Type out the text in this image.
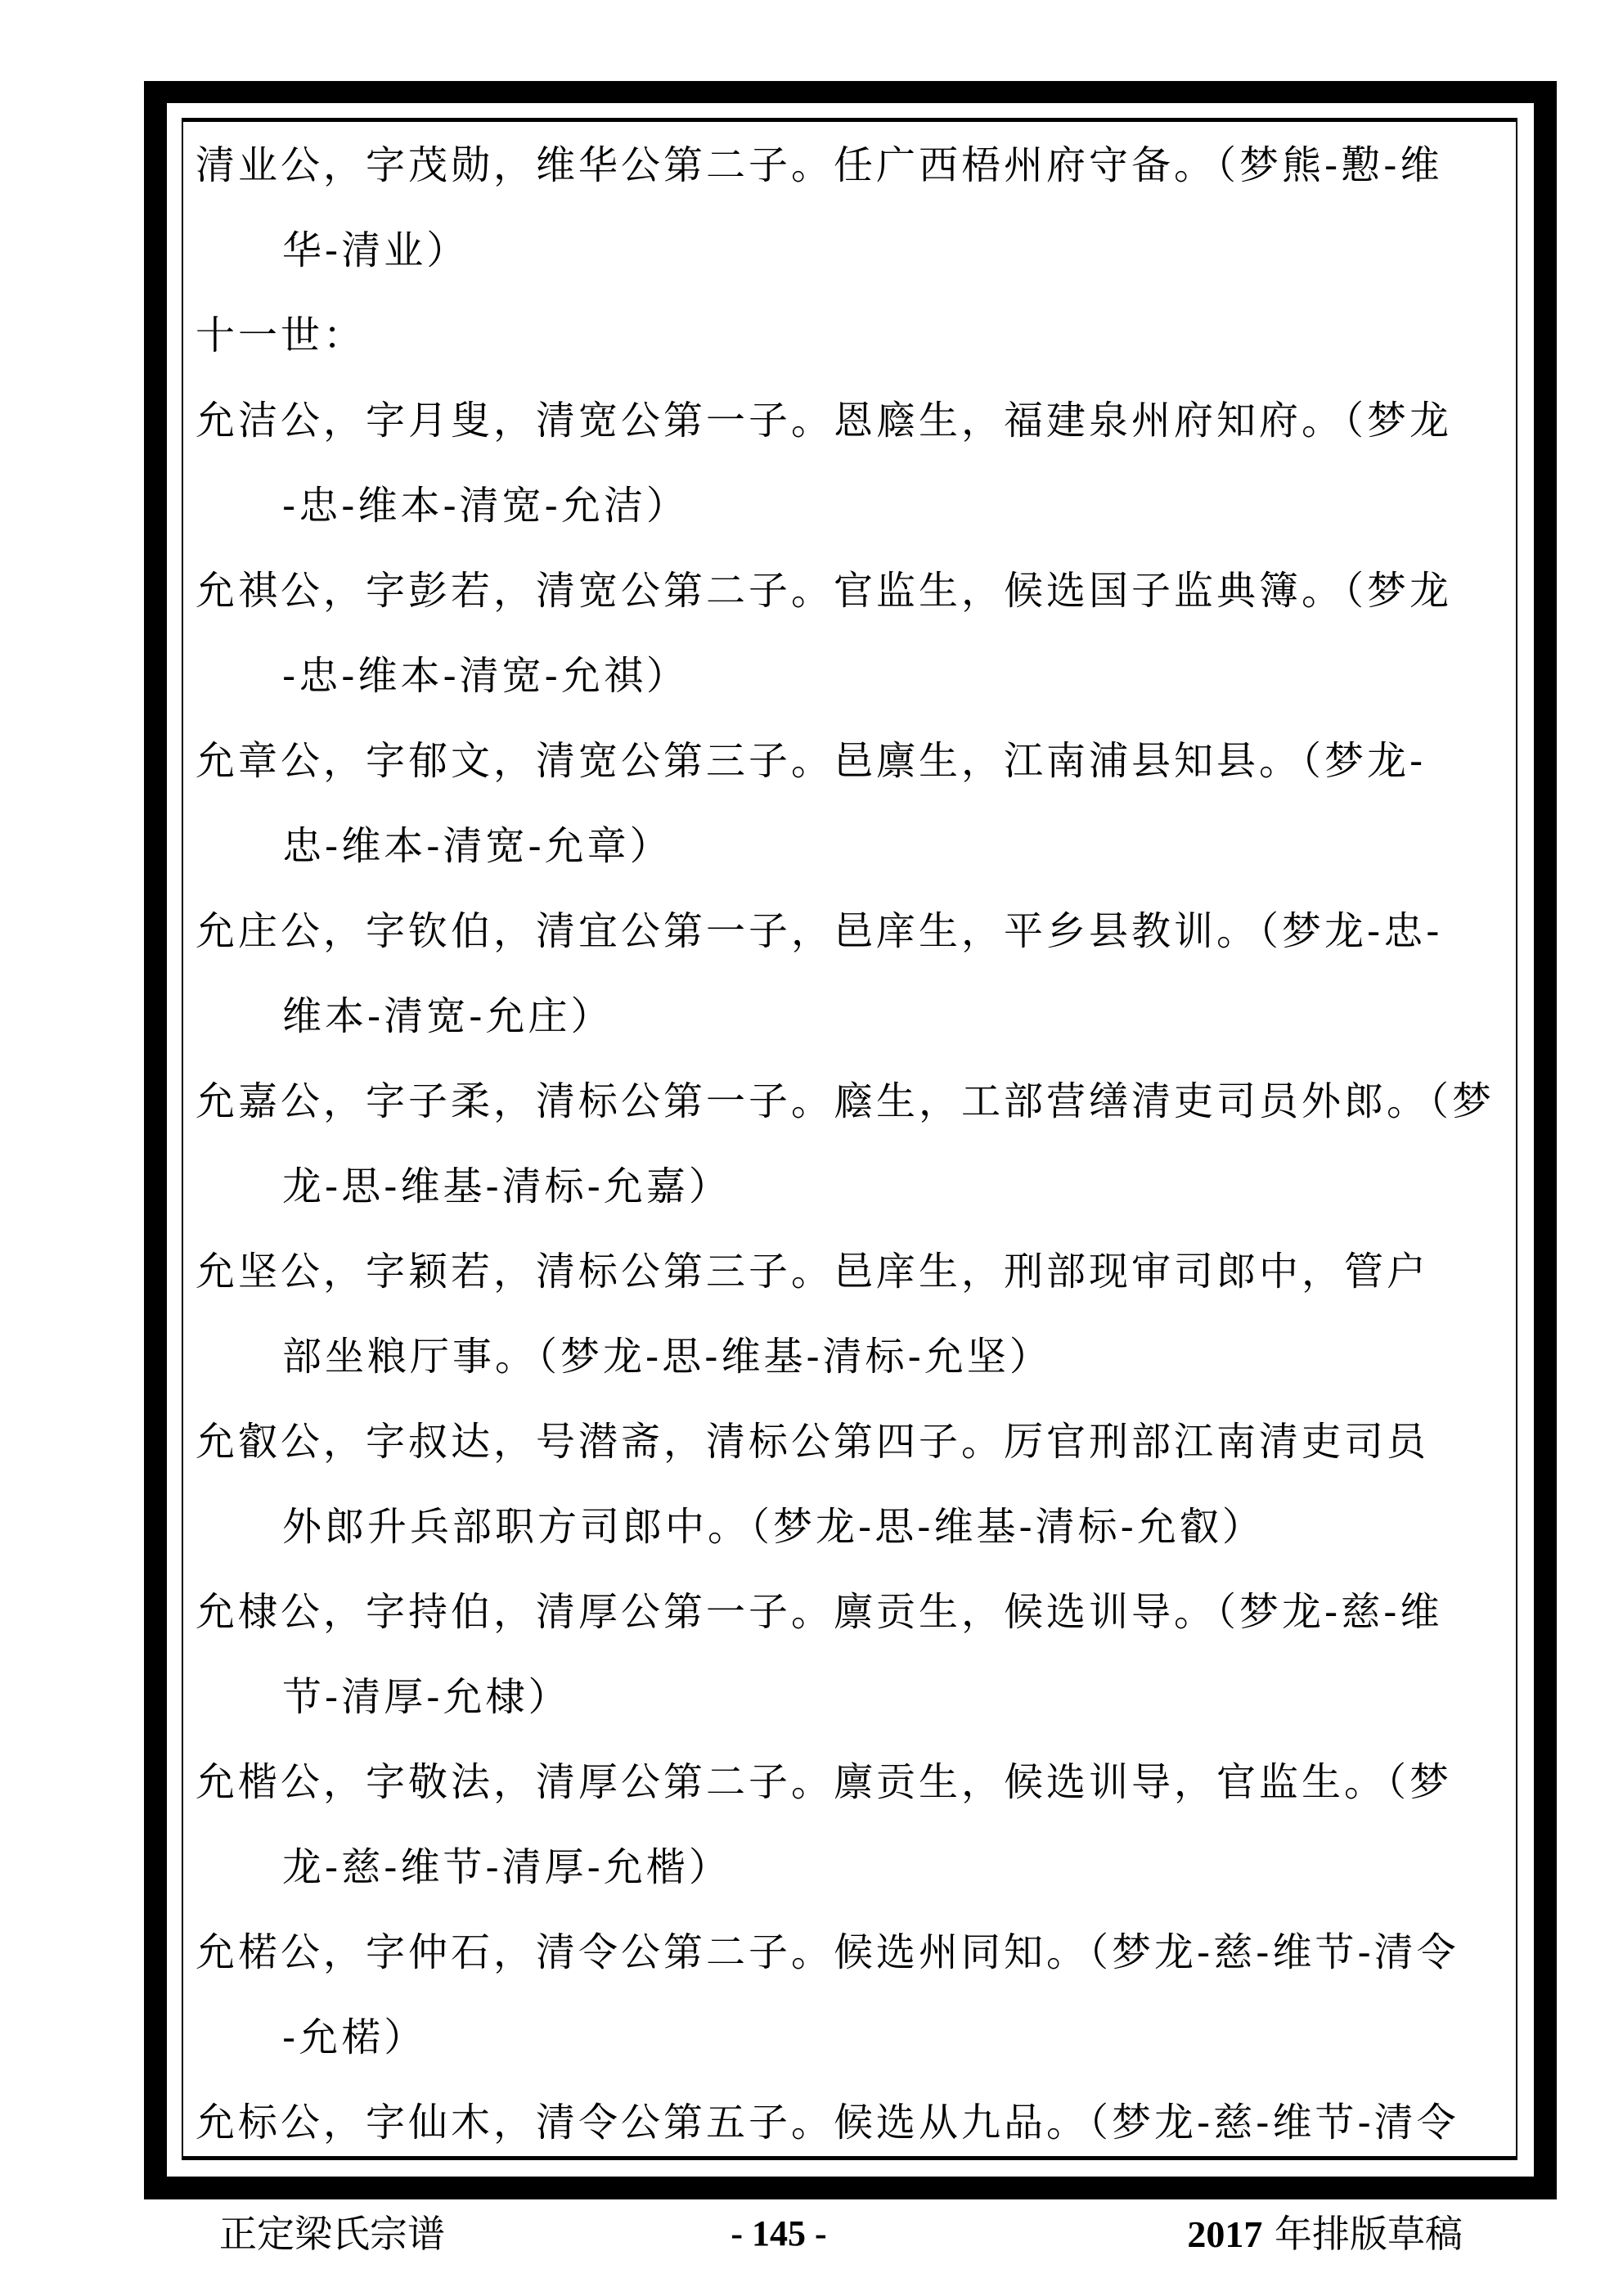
清业公，字茂勋，维华公第二子。任广西梧州府守备。（梦熊-懃-维
华-清业）
十一世：
允洁公，字月叟，清宽公第一子。恩廕生，福建泉州府知府。（梦龙
-忠-维本-清宽-允洁）
允祺公，字彭若，清宽公第二子。官监生，候选国子监典簿。（梦龙
-忠-维本-清宽-允祺）
允章公，字郁文，清宽公第三子。邑廪生，江南浦县知县。（梦龙-
忠-维本-清宽-允章）
允庄公，字钦伯，清宜公第一子，邑庠生，平乡县教训。（梦龙-忠-
维本-清宽-允庄）
允嘉公，字子柔，清标公第一子。廕生，工部营缮清吏司员外郎。（梦
龙-思-维基-清标-允嘉）
允坚公，字颖若，清标公第三子。邑庠生，刑部现审司郎中，管户
部坐粮厅事。（梦龙-思-维基-清标-允坚）
允叡公，字叔达，号潜斋，清标公第四子。厉官刑部江南清吏司员
外郎升兵部职方司郎中。（梦龙-思-维基-清标-允叡）
允棣公，字持伯，清厚公第一子。廪贡生，候选训导。（梦龙-慈-维
节-清厚-允棣）
允楷公，字敬法，清厚公第二子。廪贡生，候选训导，官监生。（梦
龙-慈-维节-清厚-允楷）
允楉公，字仲石，清令公第二子。候选州同知。（梦龙-慈-维节-清令
-允楉）
允标公，字仙木，清令公第五子。候选从九品。（梦龙-慈-维节-清令
正定梁氏宗谱	- 145 -	2017 年排版草稿
